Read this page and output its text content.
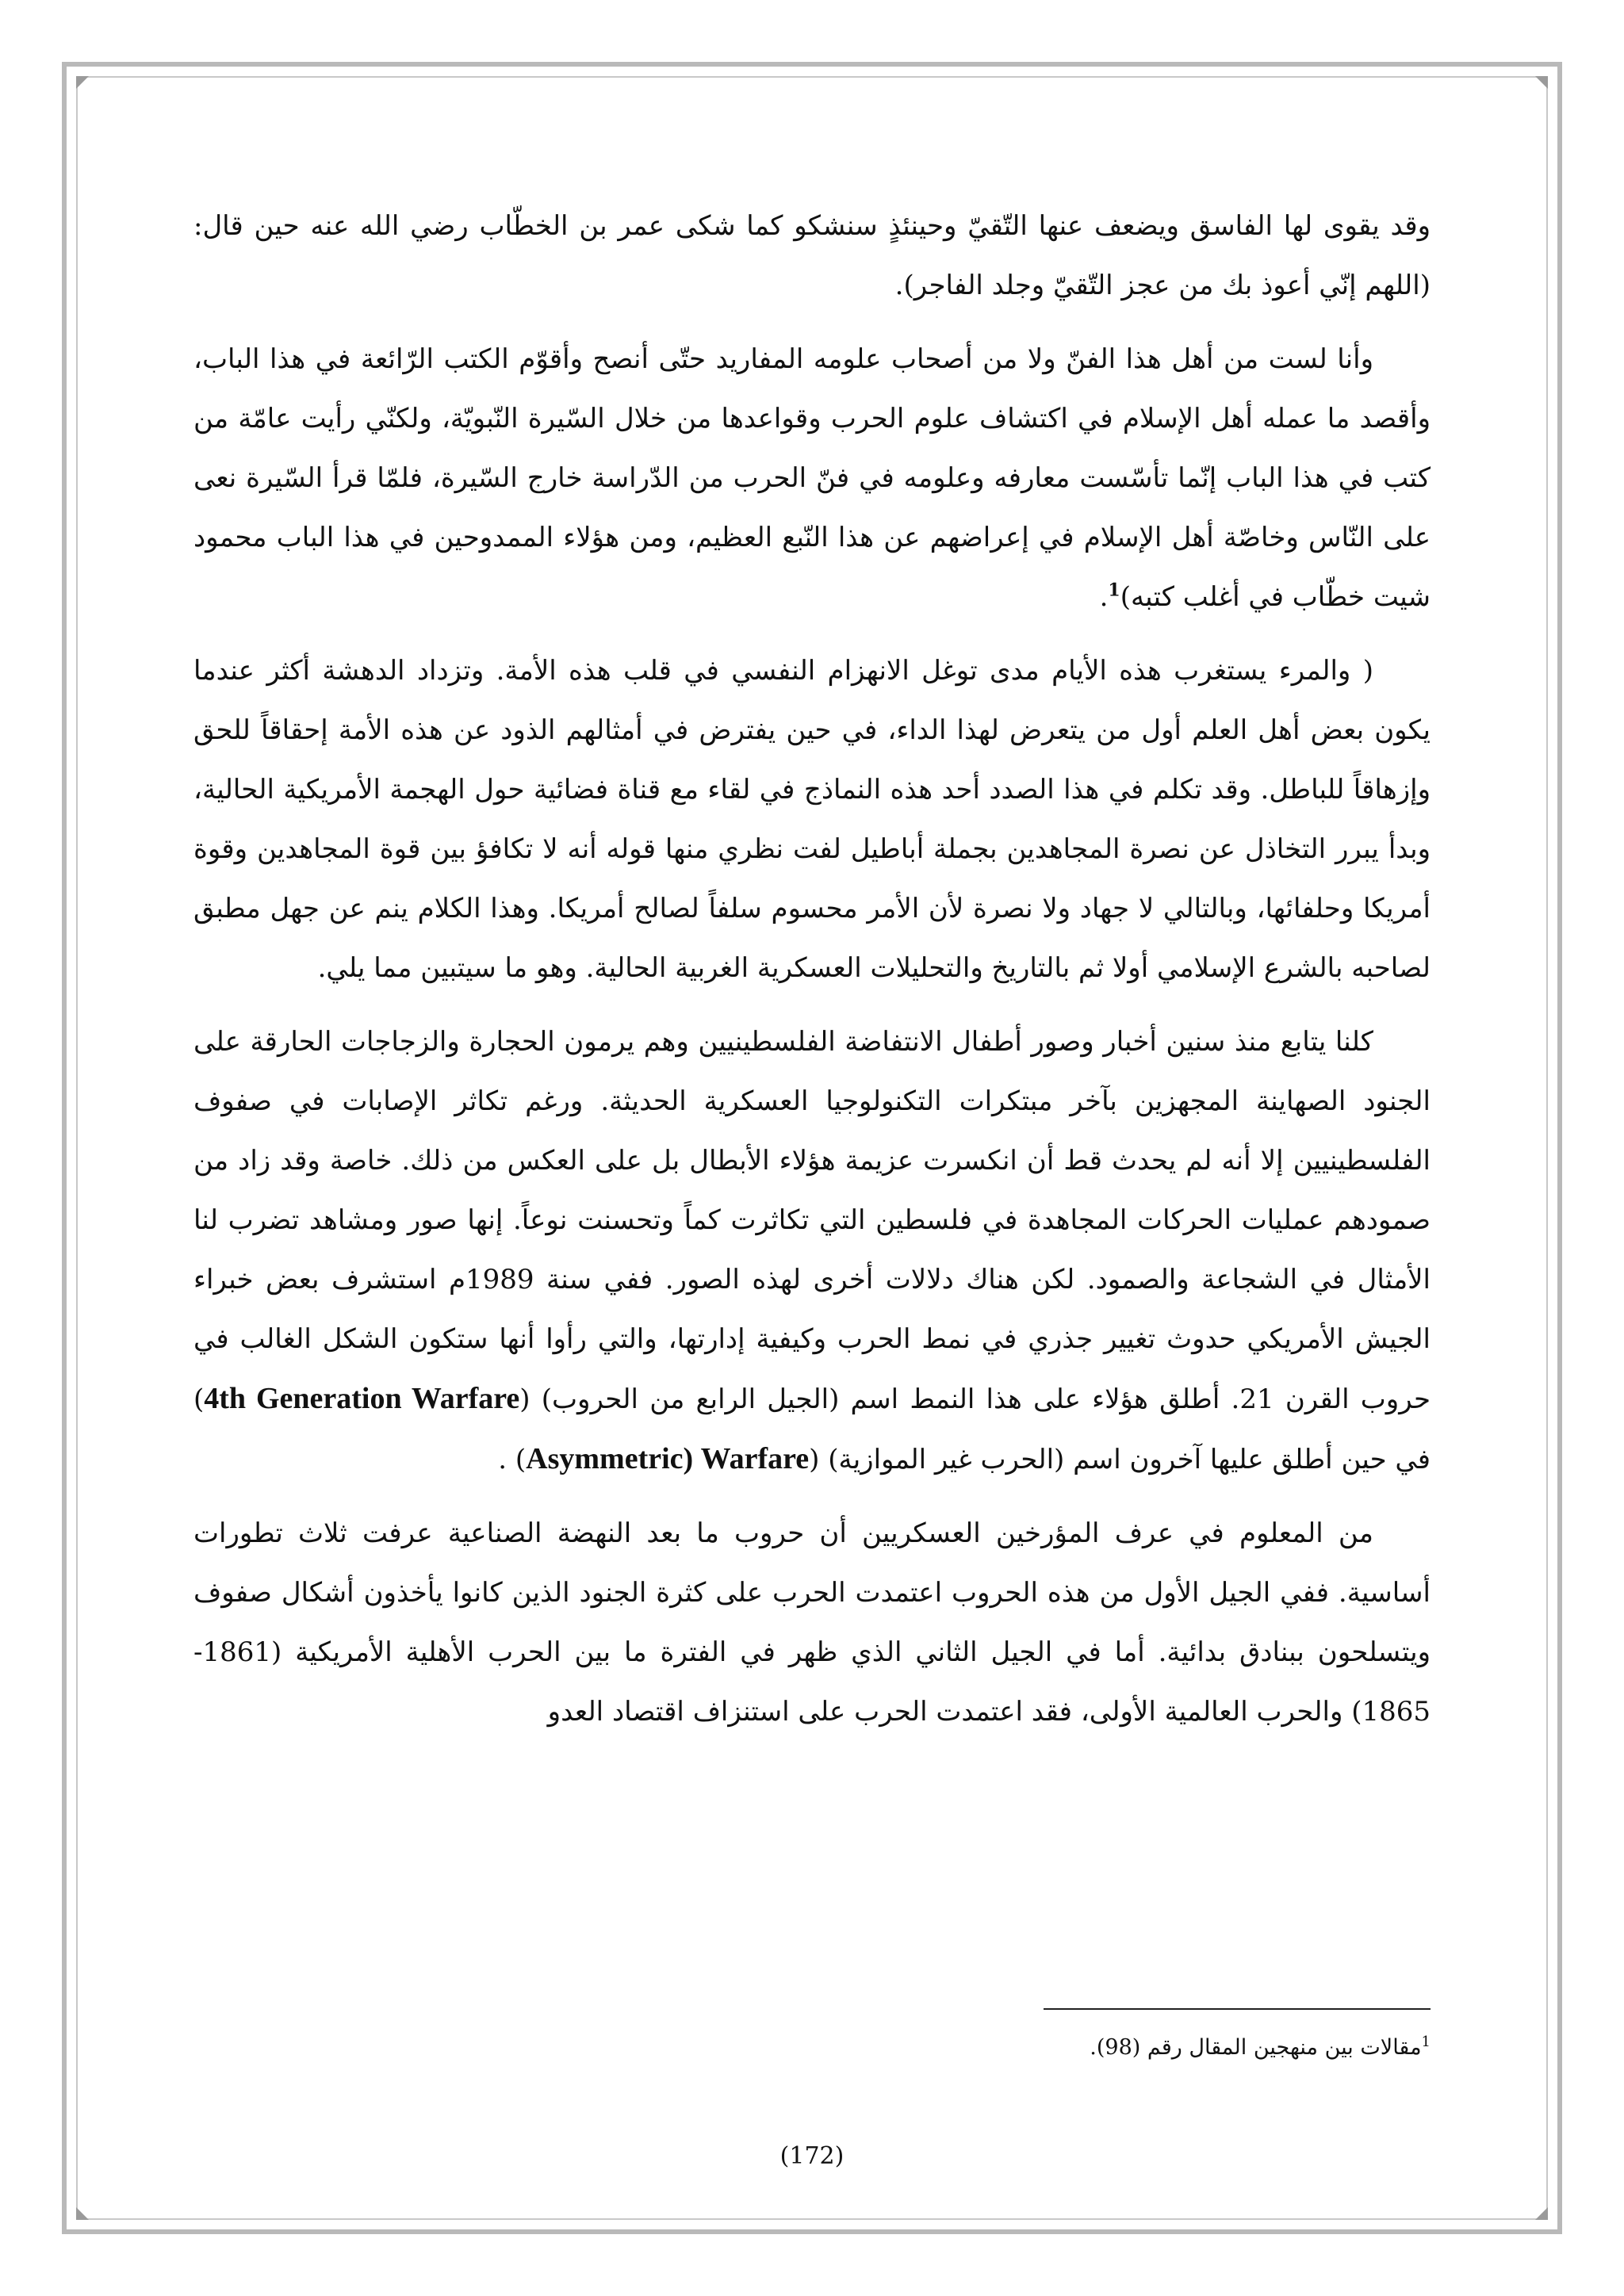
وقد يقوى لها الفاسق ويضعف عنها التّقيّ وحينئذٍ سنشكو كما شكى عمر بن الخطّاب رضي الله عنه حين قال: (اللهم إنّي أعوذ بك من عجز التّقيّ وجلد الفاجر).

وأنا لست من أهل هذا الفنّ ولا من أصحاب علومه المفاريد حتّى أنصح وأقوّم الكتب الرّائعة في هذا الباب، وأقصد ما عمله أهل الإسلام في اكتشاف علوم الحرب وقواعدها من خلال السّيرة النّبويّة، ولكنّي رأيت عامّة من كتب في هذا الباب إنّما تأسّست معارفه وعلومه في فنّ الحرب من الدّراسة خارج السّيرة، فلمّا قرأ السّيرة نعى على النّاس وخاصّة أهل الإسلام في إعراضهم عن هذا النّبع العظيم، ومن هؤلاء الممدوحين في هذا الباب محمود شيت خطّاب في أغلب كتبه)$^1$.

( والمرء يستغرب هذه الأيام مدى توغل الانهزام النفسي في قلب هذه الأمة. وتزداد الدهشة أكثر عندما يكون بعض أهل العلم أول من يتعرض لهذا الداء، في حين يفترض في أمثالهم الذود عن هذه الأمة إحقاقاً للحق وإزهاقاً للباطل. وقد تكلم في هذا الصدد أحد هذه النماذج في لقاء مع قناة فضائية حول الهجمة الأمريكية الحالية، وبدأ يبرر التخاذل عن نصرة المجاهدين بجملة أباطيل لفت نظري منها قوله أنه لا تكافؤ بين قوة المجاهدين وقوة أمريكا وحلفائها، وبالتالي لا جهاد ولا نصرة لأن الأمر محسوم سلفاً لصالح أمريكا. وهذا الكلام ينم عن جهل مطبق لصاحبه بالشرع الإسلامي أولا ثم بالتاريخ والتحليلات العسكرية الغربية الحالية. وهو ما سيتبين مما يلي.

كلنا يتابع منذ سنين أخبار وصور أطفال الانتفاضة الفلسطينيين وهم يرمون الحجارة والزجاجات الحارقة على الجنود الصهاينة المجهزين بآخر مبتكرات التكنولوجيا العسكرية الحديثة. ورغم تكاثر الإصابات في صفوف الفلسطينيين إلا أنه لم يحدث قط أن انكسرت عزيمة هؤلاء الأبطال بل على العكس من ذلك. خاصة وقد زاد من صمودهم عمليات الحركات المجاهدة في فلسطين التي تكاثرت كماً وتحسنت نوعاً. إنها صور ومشاهد تضرب لنا الأمثال في الشجاعة والصمود. لكن هناك دلالات أخرى لهذه الصور. ففي سنة 1989م استشرف بعض خبراء الجيش الأمريكي حدوث تغيير جذري في نمط الحرب وكيفية إدارتها، والتي رأوا أنها ستكون الشكل الغالب في حروب القرن 21. أطلق هؤلاء على هذا النمط اسم (الجيل الرابع من الحروب) (4th Generation Warfare) في حين أطلق عليها آخرون اسم (الحرب غير الموازية) (Asymmetric) Warfare) .

من المعلوم في عرف المؤرخين العسكريين أن حروب ما بعد النهضة الصناعية عرفت ثلاث تطورات أساسية. ففي الجيل الأول من هذه الحروب اعتمدت الحرب على كثرة الجنود الذين كانوا يأخذون أشكال صفوف ويتسلحون ببنادق بدائية. أما في الجيل الثاني الذي ظهر في الفترة ما بين الحرب الأهلية الأمريكية (1861-1865) والحرب العالمية الأولى، فقد اعتمدت الحرب على استنزاف اقتصاد العدو

$^1$مقالات بين منهجين المقال رقم (98).
(172)
